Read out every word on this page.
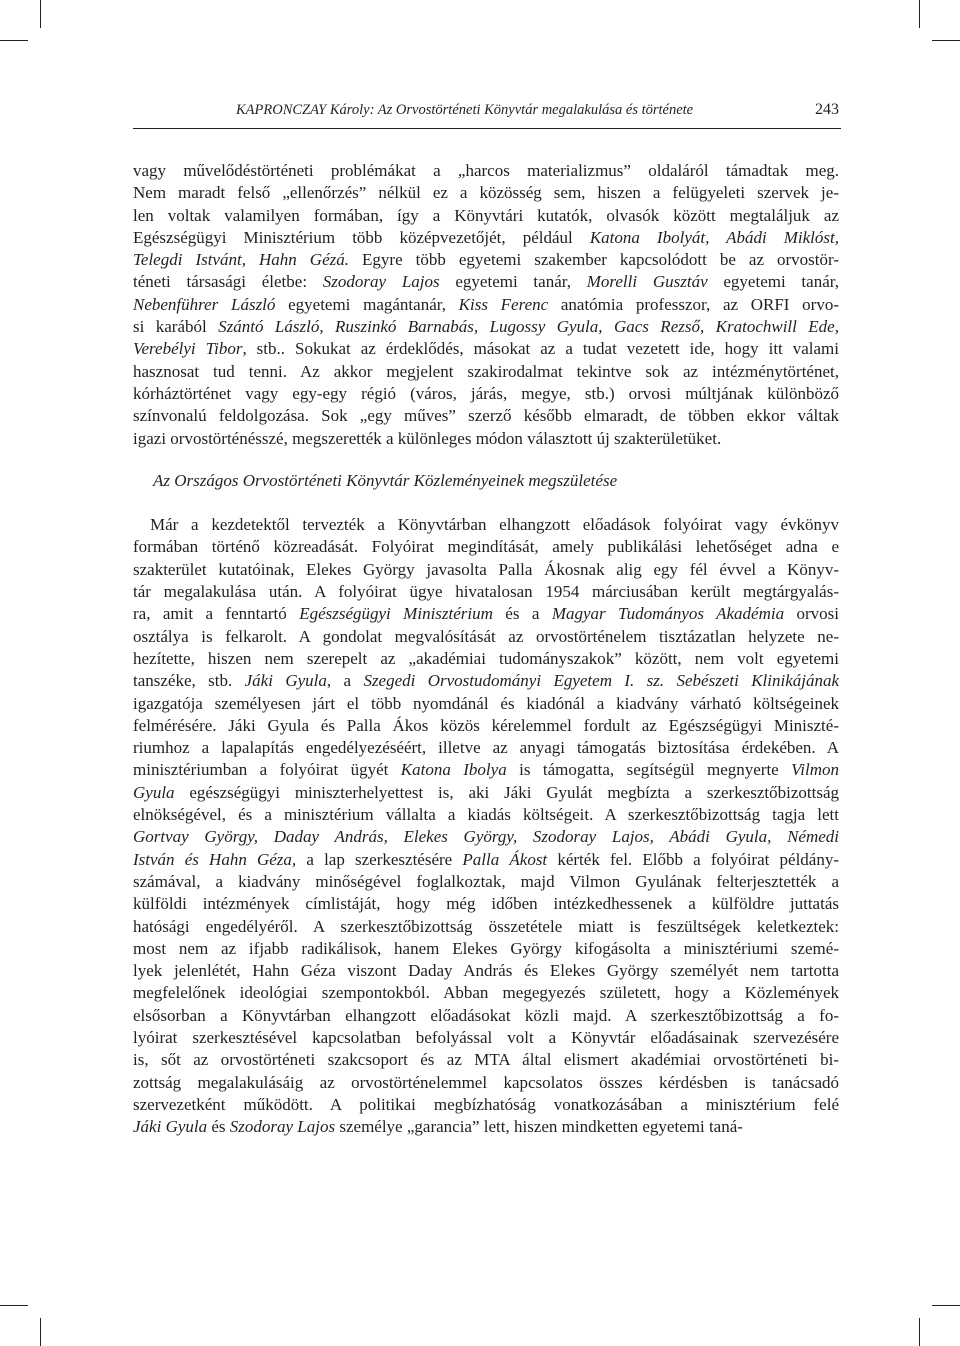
KAPRONCZAY Károly: Az Orvostörténeti Könyvtár megalakulása és története	243
vagy művelődéstörténeti problémákat a „harcos materializmus” oldaláról támadtak meg.
Nem maradt felső „ellenőrzés” nélkül ez a közösség sem, hiszen a felügyeleti szervek je-
len voltak valamilyen formában, így a Könyvtári kutatók, olvasók között megtaláljuk az
Egészségügyi Minisztérium több középvezetőjét, például Katona Ibolyát, Abádi Miklóst,
Telegdi Istvánt, Hahn Gézá. Egyre több egyetemi szakember kapcsolódott be az orvostör-
téneti társasági életbe: Szodoray Lajos egyetemi tanár, Morelli Gusztáv egyetemi tanár,
Nebenführer László egyetemi magántanár, Kiss Ferenc anatómia professzor, az ORFI orvo-
si karából Szántó László, Ruszinkó Barnabás, Lugossy Gyula, Gacs Rezső, Kratochwill Ede,
Verebélyi Tibor, stb.. Sokukat az érdeklődés, másokat az a tudat vezetett ide, hogy itt valami
hasznosat tud tenni. Az akkor megjelent szakirodalmat tekintve sok az intézménytörténet,
kórháztörténet vagy egy-egy régió (város, járás, megye, stb.) orvosi múltjának különböző
színvonalú feldolgozása. Sok „egy műves” szerző később elmaradt, de többen ekkor váltak
igazi orvostörténésszé, megszerették a különleges módon választott új szakterületüket.
Az Országos Orvostörténeti Könyvtár Közleményeinek megszületése
Már a kezdetektől tervezték a Könyvtárban elhangzott előadások folyóirat vagy évkönyv
formában történő közreadását. Folyóirat megindítását, amely publikálási lehetőséget adna e
szakterület kutatóinak, Elekes György javasolta Palla Ákosnak alig egy fél évvel a Könyv-
tár megalakulása után. A folyóirat ügye hivatalosan 1954 márciusában került megtárgyalás-
ra, amit a fenntartó Egészségügyi Minisztérium és a Magyar Tudományos Akadémia orvosi
osztálya is felkarolt. A gondolat megvalósítását az orvostörténelem tisztázatlan helyzete ne-
hezítette, hiszen nem szerepelt az „akadémiai tudományszakok” között, nem volt egyetemi
tanszéke, stb. Jáki Gyula, a Szegedi Orvostudományi Egyetem I. sz. Sebészeti Klinikájának
igazgatója személyesen járt el több nyomdánál és kiadónál a kiadvány várható költségeinek
felmérésére. Jáki Gyula és Palla Ákos közös kérelemmel fordult az Egészségügyi Miniszté-
riumhoz a lapalapítás engedélyezéséért, illetve az anyagi támogatás biztosítása érdekében. A
minisztériumban a folyóirat ügyét Katona Ibolya is támogatta, segítségül megnyerte Vilmon
Gyula egészségügyi miniszterhelyettest is, aki Jáki Gyulát megbízta a szerkesztőbizottság
elnökségével, és a minisztérium vállalta a kiadás költségeit. A szerkesztőbizottság tagja lett
Gortvay György, Daday András, Elekes György, Szodoray Lajos, Abádi Gyula, Némedi
István és Hahn Géza, a lap szerkesztésére Palla Ákost kérték fel. Előbb a folyóirat példány-
számával, a kiadvány minőségével foglalkoztak, majd Vilmon Gyulának felterjesztették a
külföldi intézmények címlistáját, hogy még időben intézkedhessenek a külföldre juttatás
hatósági engedélyéről. A szerkesztőbizottság összetétele miatt is feszültségek keletkeztek:
most nem az ifjabb radikálisok, hanem Elekes György kifogásolta a minisztériumi szemé-
lyek jelenlétét, Hahn Géza viszont Daday András és Elekes György személyét nem tartotta
megfelelőnek ideológiai szempontokból. Abban megegyezés született, hogy a Közlemények
elsősorban a Könyvtárban elhangzott előadásokat közli majd. A szerkesztőbizottság a fo-
lyóirat szerkesztésével kapcsolatban befolyással volt a Könyvtár előadásainak szervezésére
is, sőt az orvostörténeti szakcsoport és az MTA által elismert akadémiai orvostörténeti bi-
zottság megalakulásáig az orvostörténelemmel kapcsolatos összes kérdésben is tanácsadó
szervezetként működött. A politikai megbízhatóság vonatkozásában a minisztérium felé
Jáki Gyula és Szodoray Lajos személye „garancia” lett, hiszen mindketten egyetemi taná-
